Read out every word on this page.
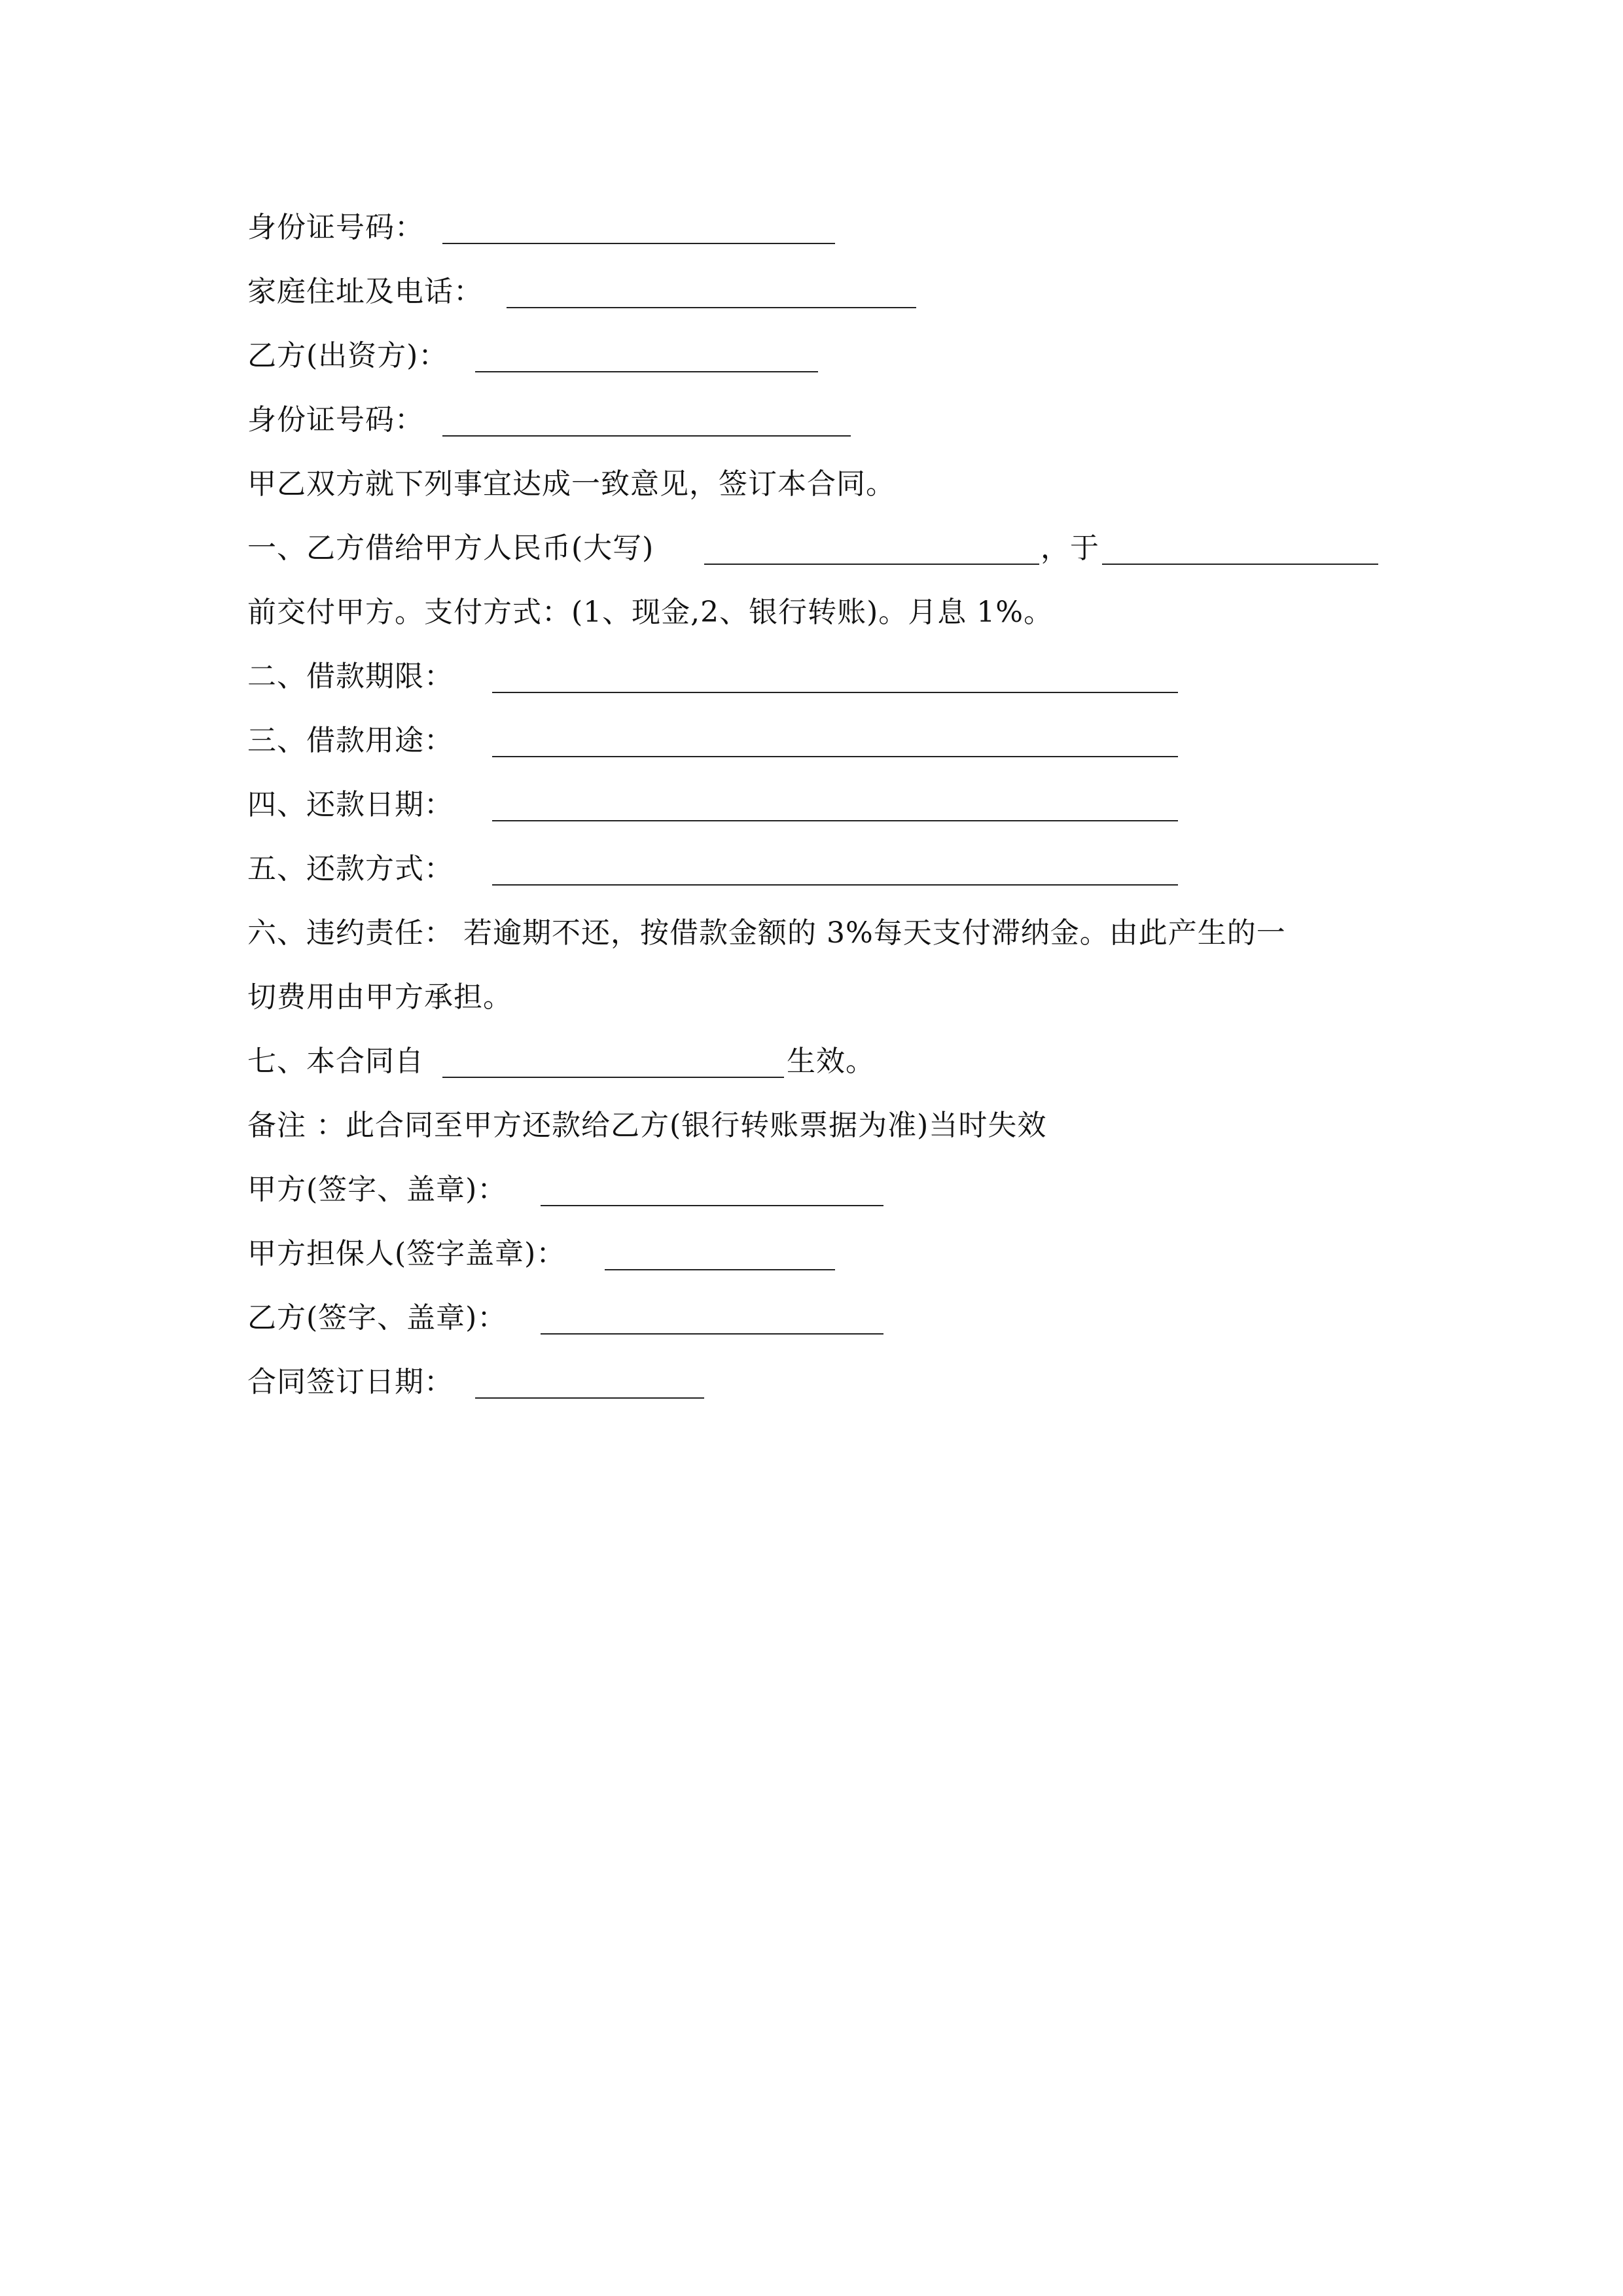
身份证号码：
家庭住址及电话：
乙方(出资方)：
身份证号码：
甲乙双方就下列事宜达成一致意见，签订本合同。
一、乙方借给甲方人民币(大写)	，于
前交付甲方。支付方式：(1、现金,2、银行转账)。月息 1%。
二、借款期限：
三、借款用途：
四、还款日期：
五、还款方式：
六、违约责任： 若逾期不还，按借款金额的 3%每天支付滞纳金。由此产生的一
切费用由甲方承担。
七、本合同自	生效。
备注 ：此合同至甲方还款给乙方(银行转账票据为准)当时失效
甲方(签字、盖章)：
甲方担保人(签字盖章)：
乙方(签字、盖章)：
合同签订日期：
